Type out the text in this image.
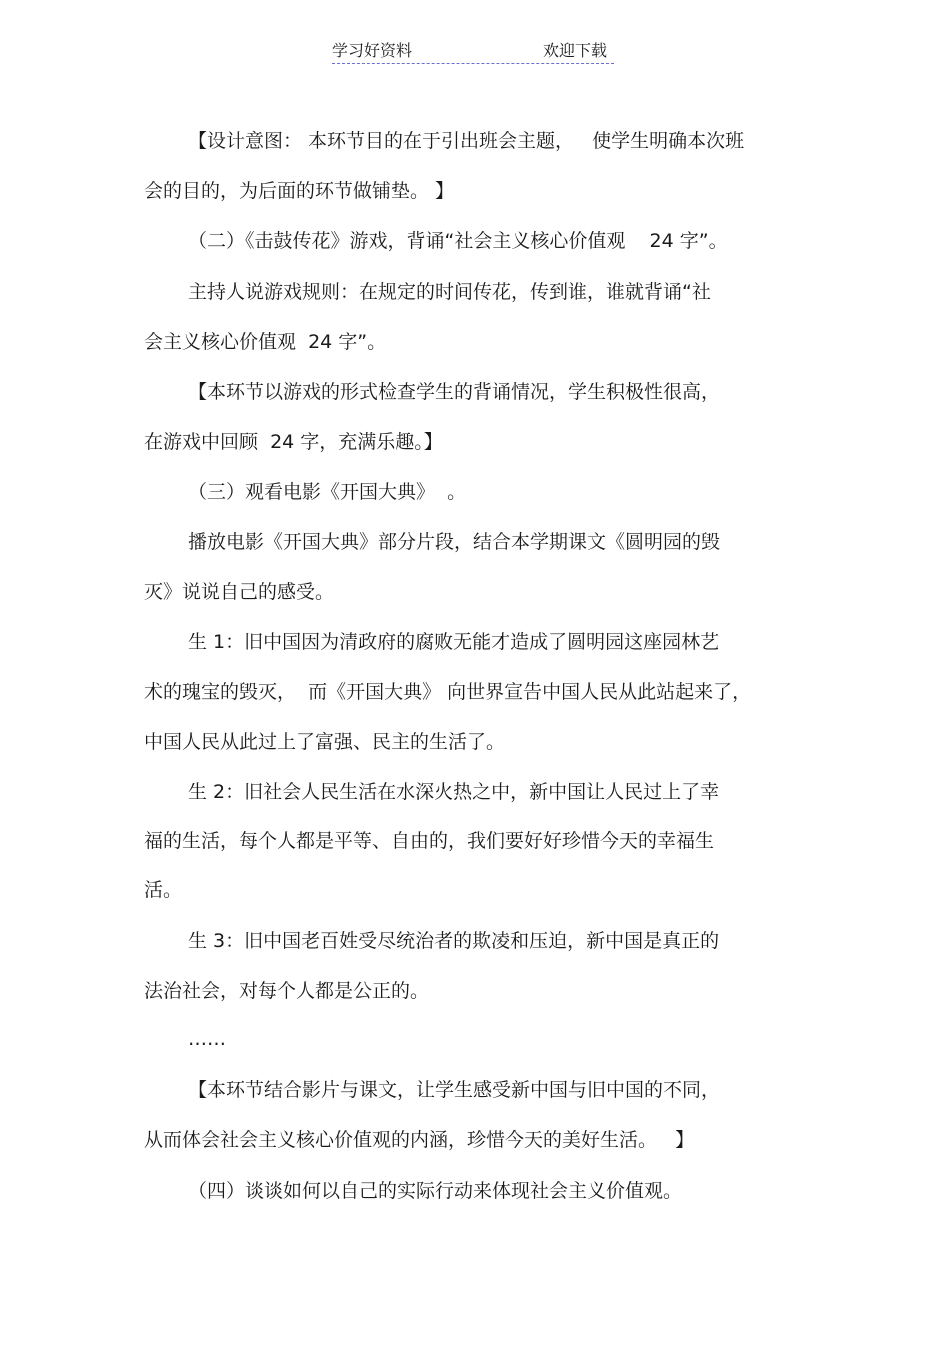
学习好资料	欢迎下载
【设计意图： 本环节目的在于引出班会主题，   使学生明确本次班
会的目的，为后面的环节做铺垫。 】
（二）《击鼓传花》游戏，背诵“社会主义核心价值观    24 字”。
主持人说游戏规则：在规定的时间传花，传到谁，谁就背诵“社
会主义核心价值观  24 字”。
【本环节以游戏的形式检查学生的背诵情况，学生积极性很高，
在游戏中回顾  24 字，充满乐趣。】
（三）观看电影《开国大典》  。
播放电影《开国大典》部分片段，结合本学期课文《圆明园的毁
灭》说说自己的感受。
生 1：旧中国因为清政府的腐败无能才造成了圆明园这座园林艺
术的瑰宝的毁灭，  而《开国大典》 向世界宣告中国人民从此站起来了，
中国人民从此过上了富强、民主的生活了。
生 2：旧社会人民生活在水深火热之中，新中国让人民过上了幸
福的生活，每个人都是平等、自由的，我们要好好珍惜今天的幸福生
活。
生 3：旧中国老百姓受尽统治者的欺凌和压迫，新中国是真正的
法治社会，对每个人都是公正的。
……
【本环节结合影片与课文，让学生感受新中国与旧中国的不同，
从而体会社会主义核心价值观的内涵，珍惜今天的美好生活。   】
（四）谈谈如何以自己的实际行动来体现社会主义价值观。
